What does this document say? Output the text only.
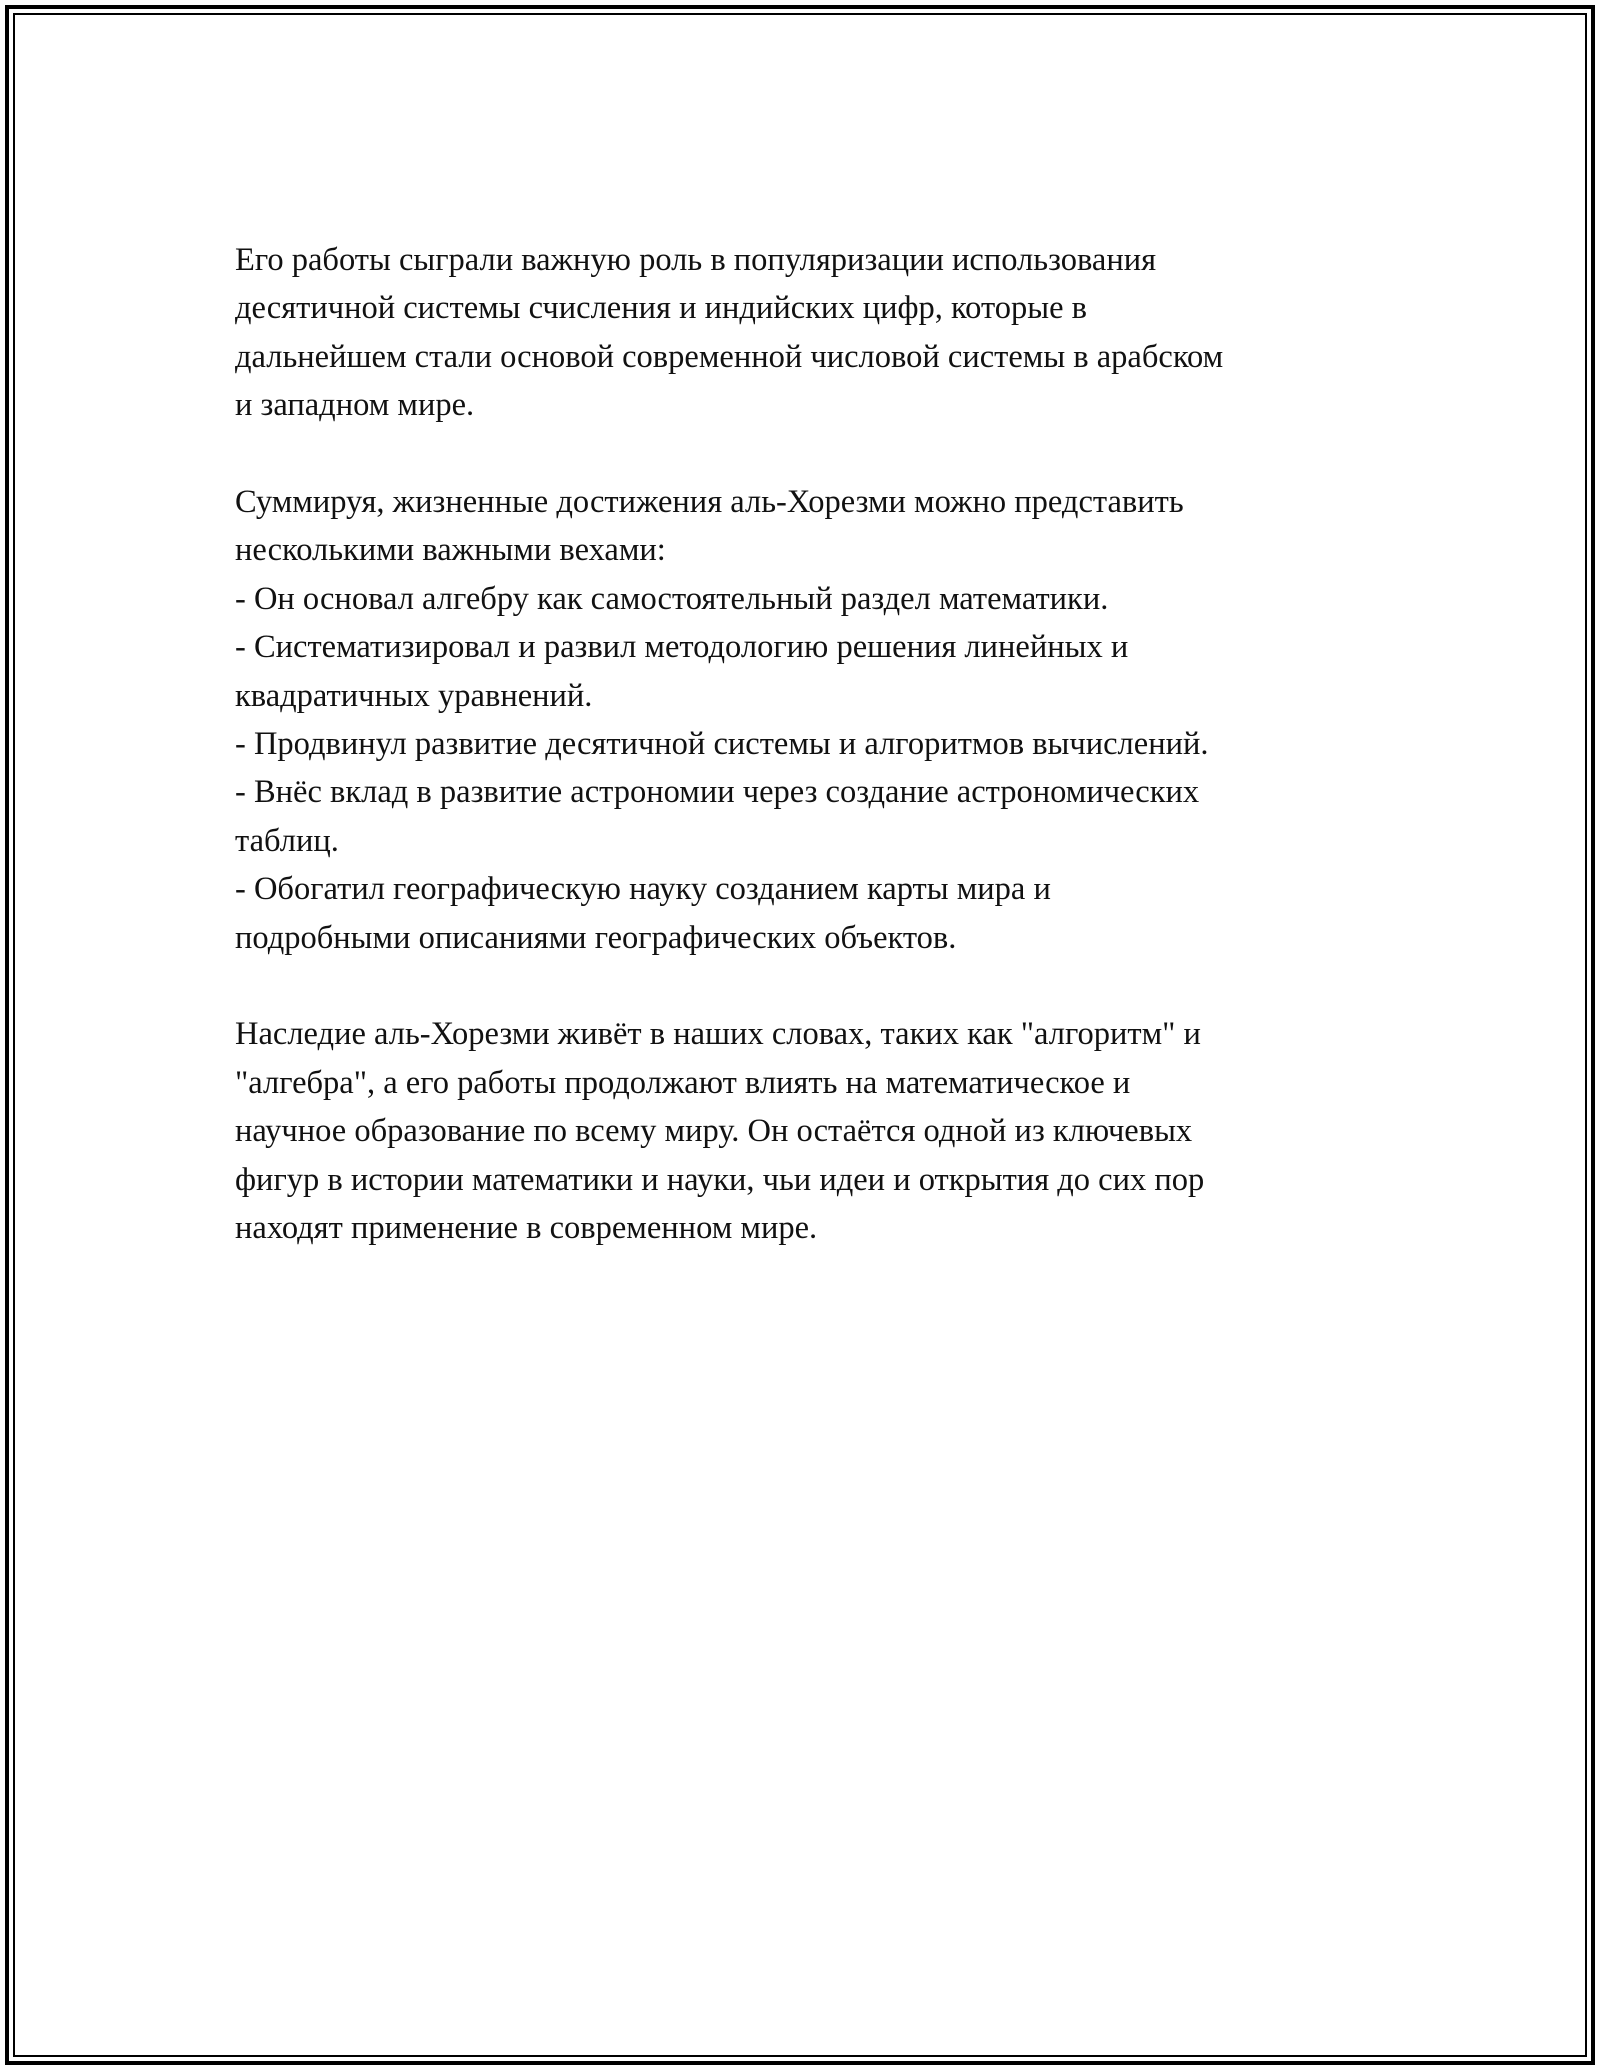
Его работы сыграли важную роль в популяризации использования
десятичной системы счисления и индийских цифр, которые в
дальнейшем стали основой современной числовой системы в арабском
и западном мире.

Суммируя, жизненные достижения аль-Хорезми можно представить
несколькими важными вехами:
- Он основал алгебру как самостоятельный раздел математики.
- Систематизировал и развил методологию решения линейных и
квадратичных уравнений.
- Продвинул развитие десятичной системы и алгоритмов вычислений.
- Внёс вклад в развитие астрономии через создание астрономических
таблиц.
- Обогатил географическую науку созданием карты мира и
подробными описаниями географических объектов.

Наследие аль-Хорезми живёт в наших словах, таких как "алгоритм" и
"алгебра", а его работы продолжают влиять на математическое и
научное образование по всему миру. Он остаётся одной из ключевых
фигур в истории математики и науки, чьи идеи и открытия до сих пор
находят применение в современном мире.
